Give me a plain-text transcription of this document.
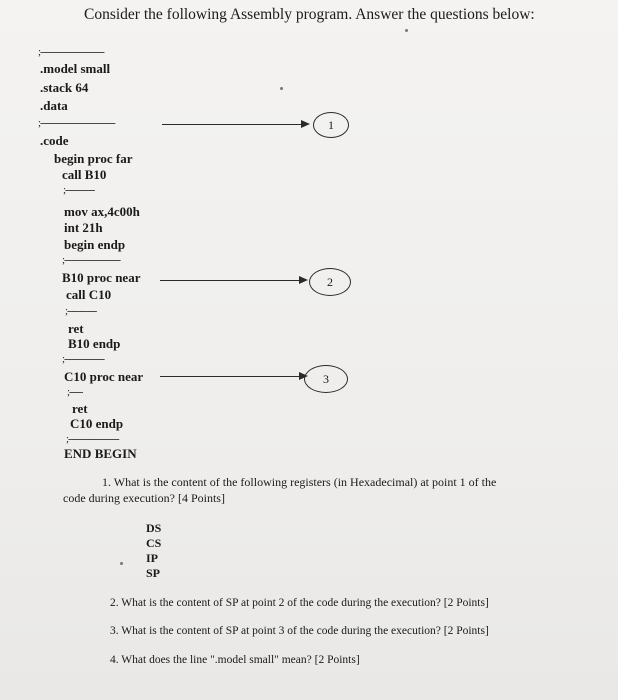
Consider the following Assembly program. Answer the questions below:
;------------------------
.model small
.stack 64
.data
;----------------------------
.code
begin proc far
call B10
;-----------
mov ax,4c00h
int 21h
begin endp
;---------------------
B10 proc near
call C10
;-----------
ret
B10 endp
;---------------
C10 proc near
;-----
ret
C10 endp
;-------------------
END BEGIN
1
2
3
1. What is the content of the following registers (in Hexadecimal) at point 1 of the
code during execution? [4 Points]
DS
CS
IP
SP
2. What is the content of SP at point 2 of the code during the execution? [2 Points]
3. What is the content of SP at point 3 of the code during the execution? [2 Points]
4. What does the line ".model small" mean? [2 Points]
